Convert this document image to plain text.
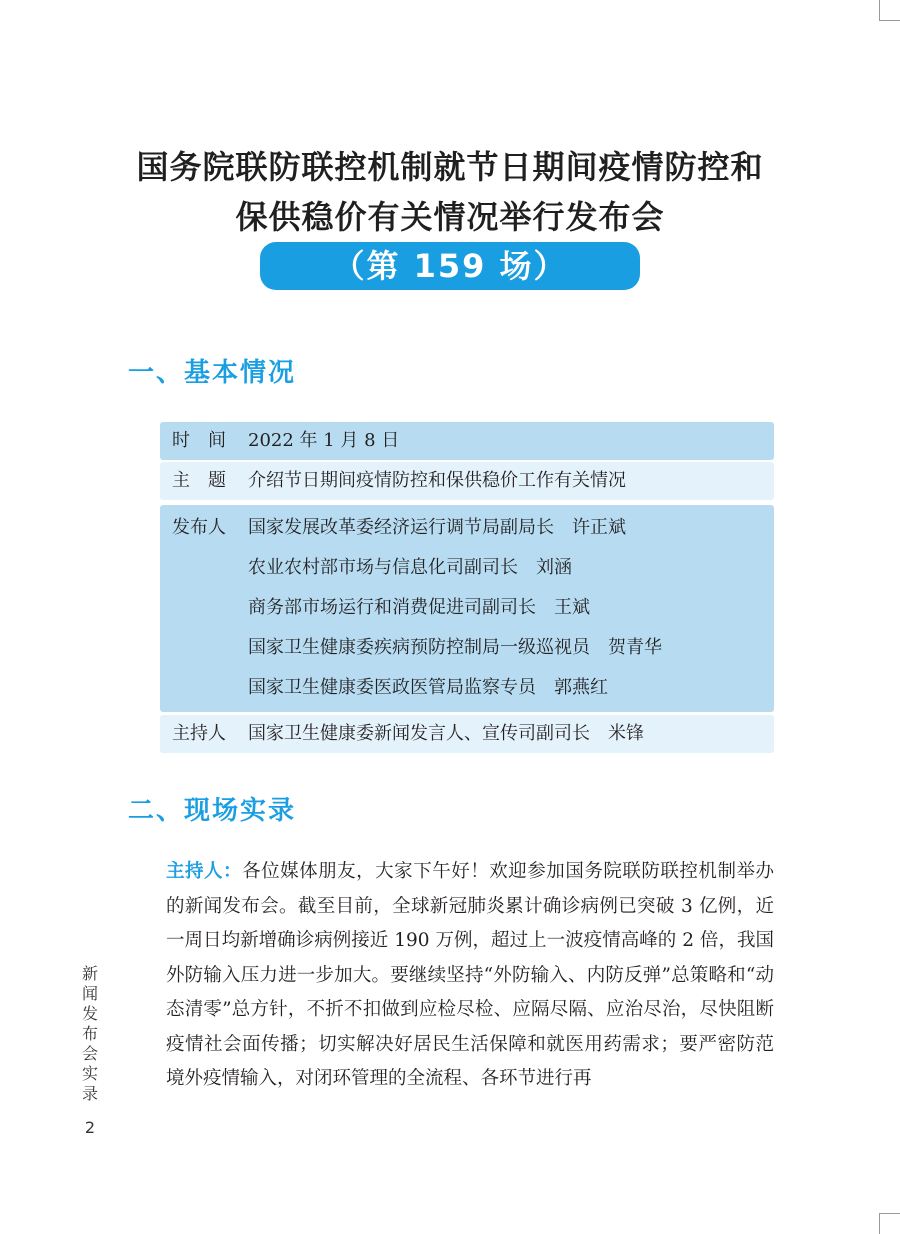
国务院联防联控机制就节日期间疫情防控和
保供稳价有关情况举行发布会
（第 159 场）
一、基本情况
时　间	2022 年 1 月 8 日
主　题	介绍节日期间疫情防控和保供稳价工作有关情况
发布人	国家发展改革委经济运行调节局副局长　许正斌
农业农村部市场与信息化司副司长　刘涵
商务部市场运行和消费促进司副司长　王斌
国家卫生健康委疾病预防控制局一级巡视员　贺青华
国家卫生健康委医政医管局监察专员　郭燕红
主持人	国家卫生健康委新闻发言人、宣传司副司长　米锋
二、现场实录
主持人：各位媒体朋友，大家下午好！欢迎参加国务院联防联控机制举办的新闻发布会。截至目前，全球新冠肺炎累计确诊病例已突破 3 亿例，近一周日均新增确诊病例接近 190 万例，超过上一波疫情高峰的 2 倍，我国外防输入压力进一步加大。要继续坚持“外防输入、内防反弹”总策略和“动态清零”总方针，不折不扣做到应检尽检、应隔尽隔、应治尽治，尽快阻断疫情社会面传播；切实解决好居民生活保障和就医用药需求；要严密防范境外疫情输入，对闭环管理的全流程、各环节进行再
新
闻
发
布
会
实
录
2
